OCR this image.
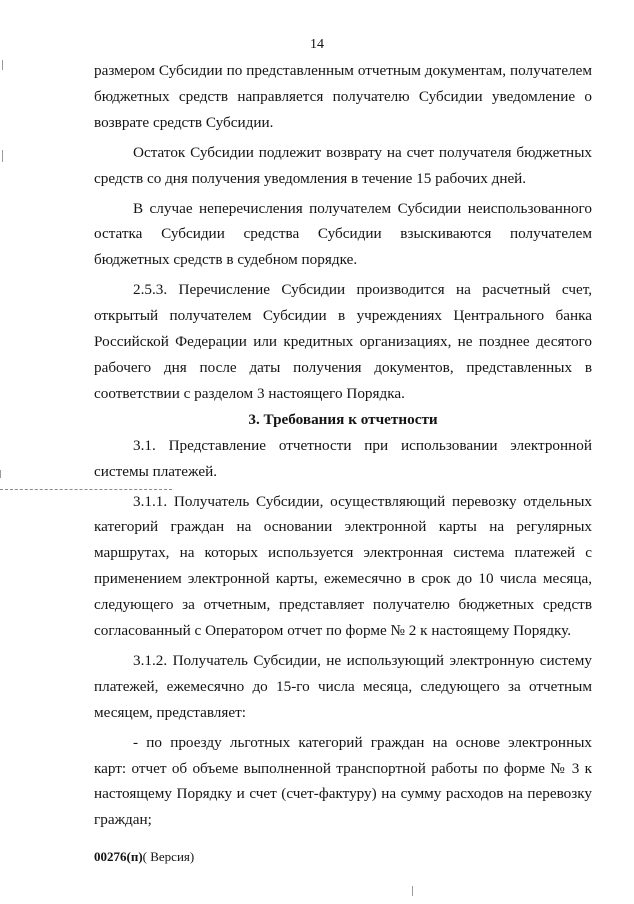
14

размером Субсидии по представленным отчетным документам, получателем бюджетных средств направляется получателю Субсидии уведомление о возврате средств Субсидии.

Остаток Субсидии подлежит возврату на счет получателя бюджетных средств со дня получения уведомления в течение 15 рабочих дней.

В случае неперечисления получателем Субсидии неиспользованного остатка Субсидии средства Субсидии взыскиваются получателем бюджетных средств в судебном порядке.

2.5.3. Перечисление Субсидии производится на расчетный счет, открытый получателем Субсидии в учреждениях Центрального банка Российской Федерации или кредитных организациях, не позднее десятого рабочего дня после даты получения документов, представленных в соответствии с разделом 3 настоящего Порядка.

3. Требования к отчетности

3.1. Представление отчетности при использовании электронной системы платежей.

3.1.1. Получатель Субсидии, осуществляющий перевозку отдельных категорий граждан на основании электронной карты на регулярных маршрутах, на которых используется электронная система платежей с применением электронной карты, ежемесячно в срок до 10 числа месяца, следующего за отчетным, представляет получателю бюджетных средств согласованный с Оператором отчет по форме № 2 к настоящему Порядку.

3.1.2. Получатель Субсидии, не использующий электронную систему платежей, ежемесячно до 15-го числа месяца, следующего за отчетным месяцем, представляет:

- по проезду льготных категорий граждан на основе электронных карт: отчет об объеме выполненной транспортной работы по форме № 3 к настоящему Порядку и счет (счет-фактуру) на сумму расходов на перевозку граждан;

00276(п)( Версия)
